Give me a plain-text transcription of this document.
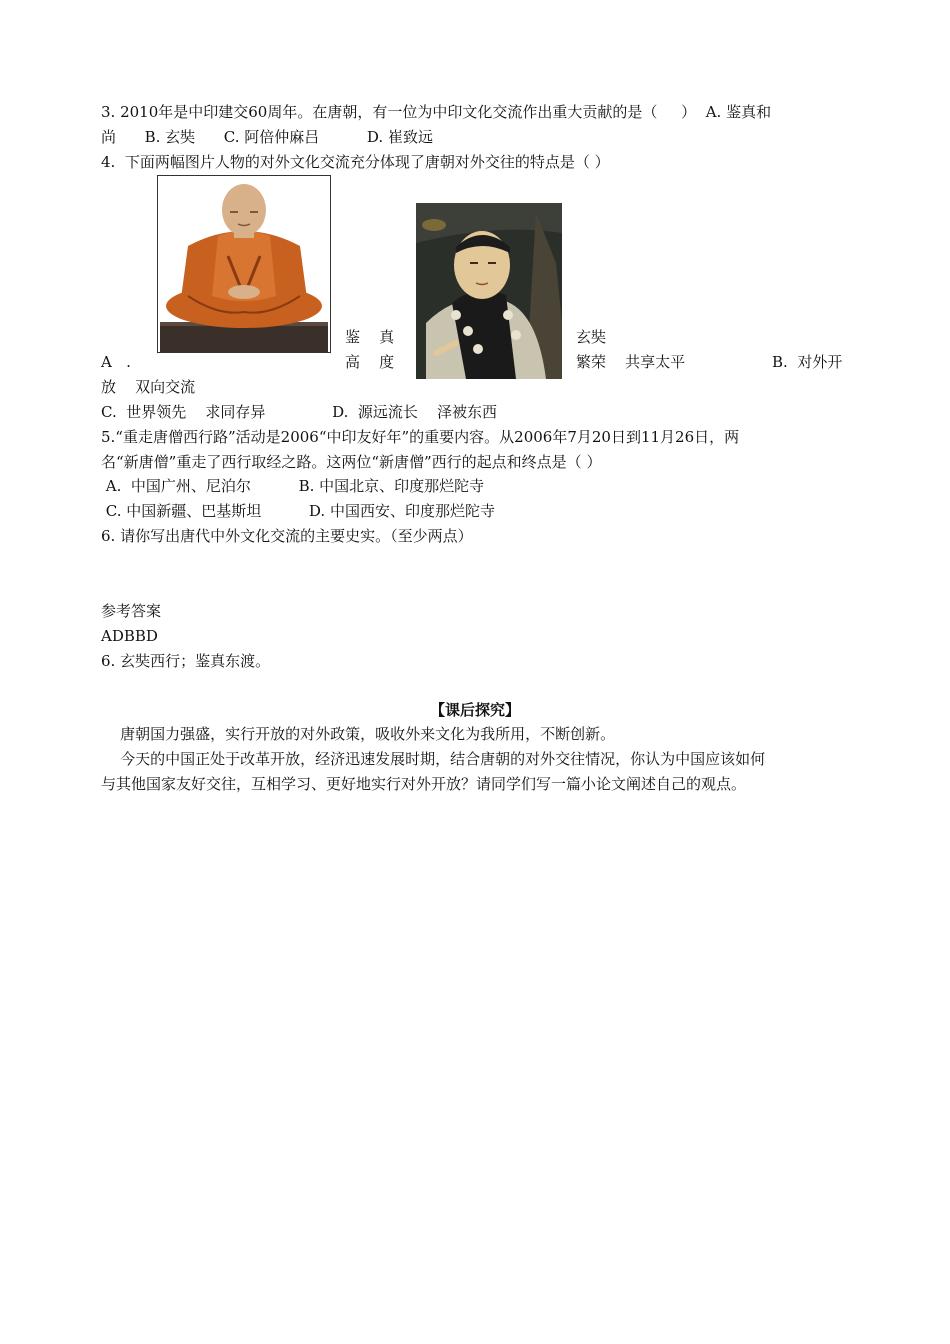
3. 2010年是中印建交60周年。在唐朝，有一位为中印文化交流作出重大贡献的是（     ）  A. 鉴真和
尚      B. 玄奘      C. 阿倍仲麻吕          D. 崔致远
4.  下面两幅图片人物的对外文化交流充分体现了唐朝对外交往的特点是（ ）
鉴    真
高    度
A   .
玄奘
繁荣    共享太平	B.  对外开
放    双向交流
C.  世界领先    求同存异              D.  源远流长    泽被东西
5.“重走唐僧西行路”活动是2006“中印友好年”的重要内容。从2006年7月20日到11月26日，两
名“新唐僧”重走了西行取经之路。这两位“新唐僧”西行的起点和终点是（ ）
A.  中国广州、尼泊尔          B. 中国北京、印度那烂陀寺
C. 中国新疆、巴基斯坦          D. 中国西安、印度那烂陀寺
6. 请你写出唐代中外文化交流的主要史实。（至少两点）
参考答案
ADBBD
6. 玄奘西行；鉴真东渡。
【课后探究】
唐朝国力强盛，实行开放的对外政策，吸收外来文化为我所用，不断创新。
今天的中国正处于改革开放，经济迅速发展时期，结合唐朝的对外交往情况，你认为中国应该如何
与其他国家友好交往，互相学习、更好地实行对外开放？请同学们写一篇小论文阐述自己的观点。
